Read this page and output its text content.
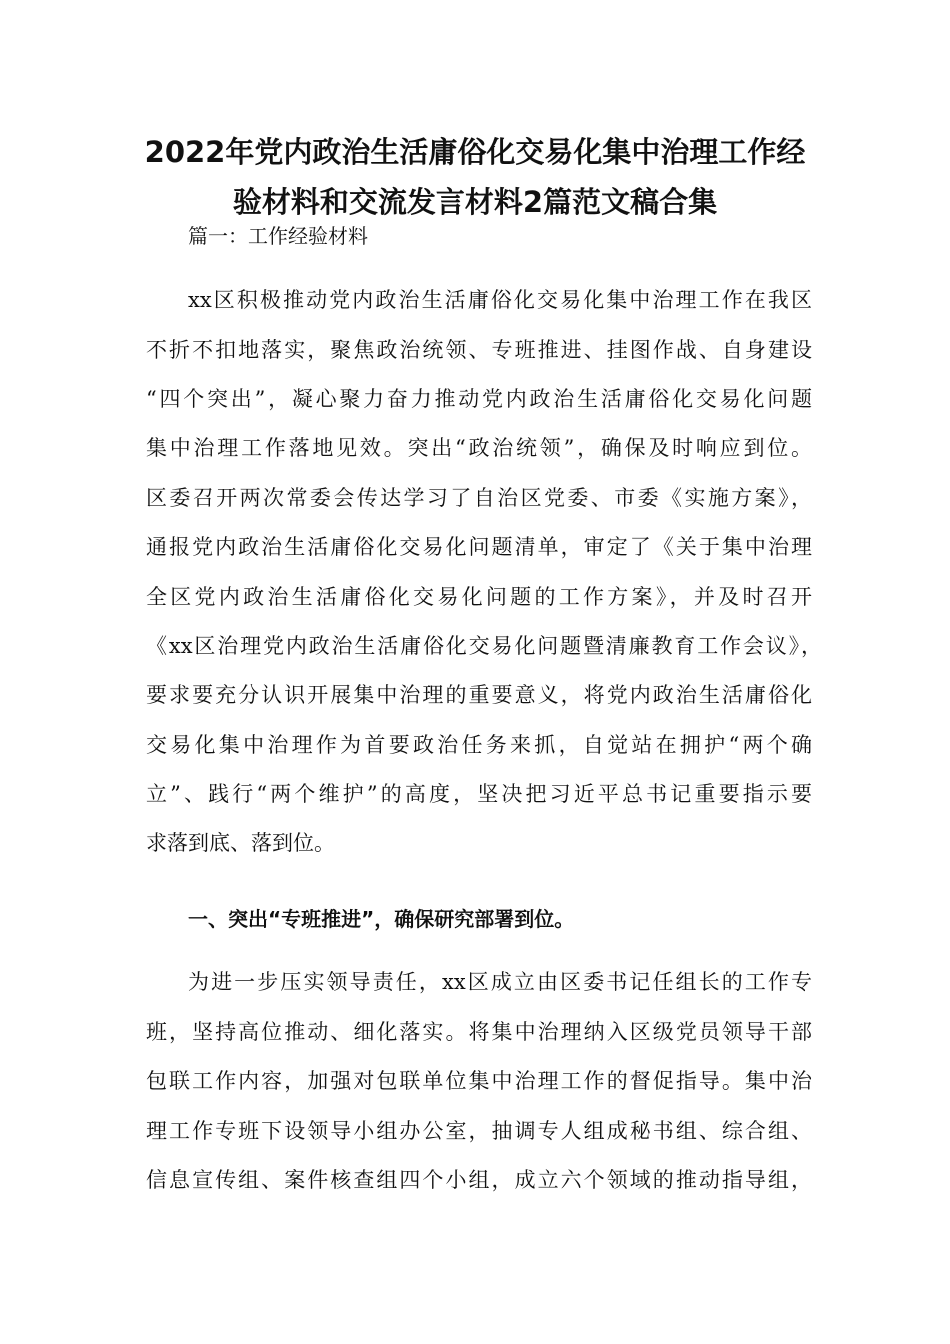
2022年党内政治生活庸俗化交易化集中治理工作经
验材料和交流发言材料2篇范文稿合集

篇一：工作经验材料

xx区积极推动党内政治生活庸俗化交易化集中治理工作在我区

不折不扣地落实，聚焦政治统领、专班推进、挂图作战、自身建设

“四个突出”，凝心聚力奋力推动党内政治生活庸俗化交易化问题

集中治理工作落地见效。突出“政治统领”，确保及时响应到位。

区委召开两次常委会传达学习了自治区党委、市委《实施方案》，

通报党内政治生活庸俗化交易化问题清单，审定了《关于集中治理

全区党内政治生活庸俗化交易化问题的工作方案》，并及时召开

《xx区治理党内政治生活庸俗化交易化问题暨清廉教育工作会议》，

要求要充分认识开展集中治理的重要意义，将党内政治生活庸俗化

交易化集中治理作为首要政治任务来抓，自觉站在拥护“两个确

立”、践行“两个维护”的高度，坚决把习近平总书记重要指示要

求落到底、落到位。

一、突出“专班推进”，确保研究部署到位。

为进一步压实领导责任，xx区成立由区委书记任组长的工作专

班，坚持高位推动、细化落实。将集中治理纳入区级党员领导干部

包联工作内容，加强对包联单位集中治理工作的督促指导。集中治

理工作专班下设领导小组办公室，抽调专人组成秘书组、综合组、

信息宣传组、案件核查组四个小组，成立六个领域的推动指导组，
